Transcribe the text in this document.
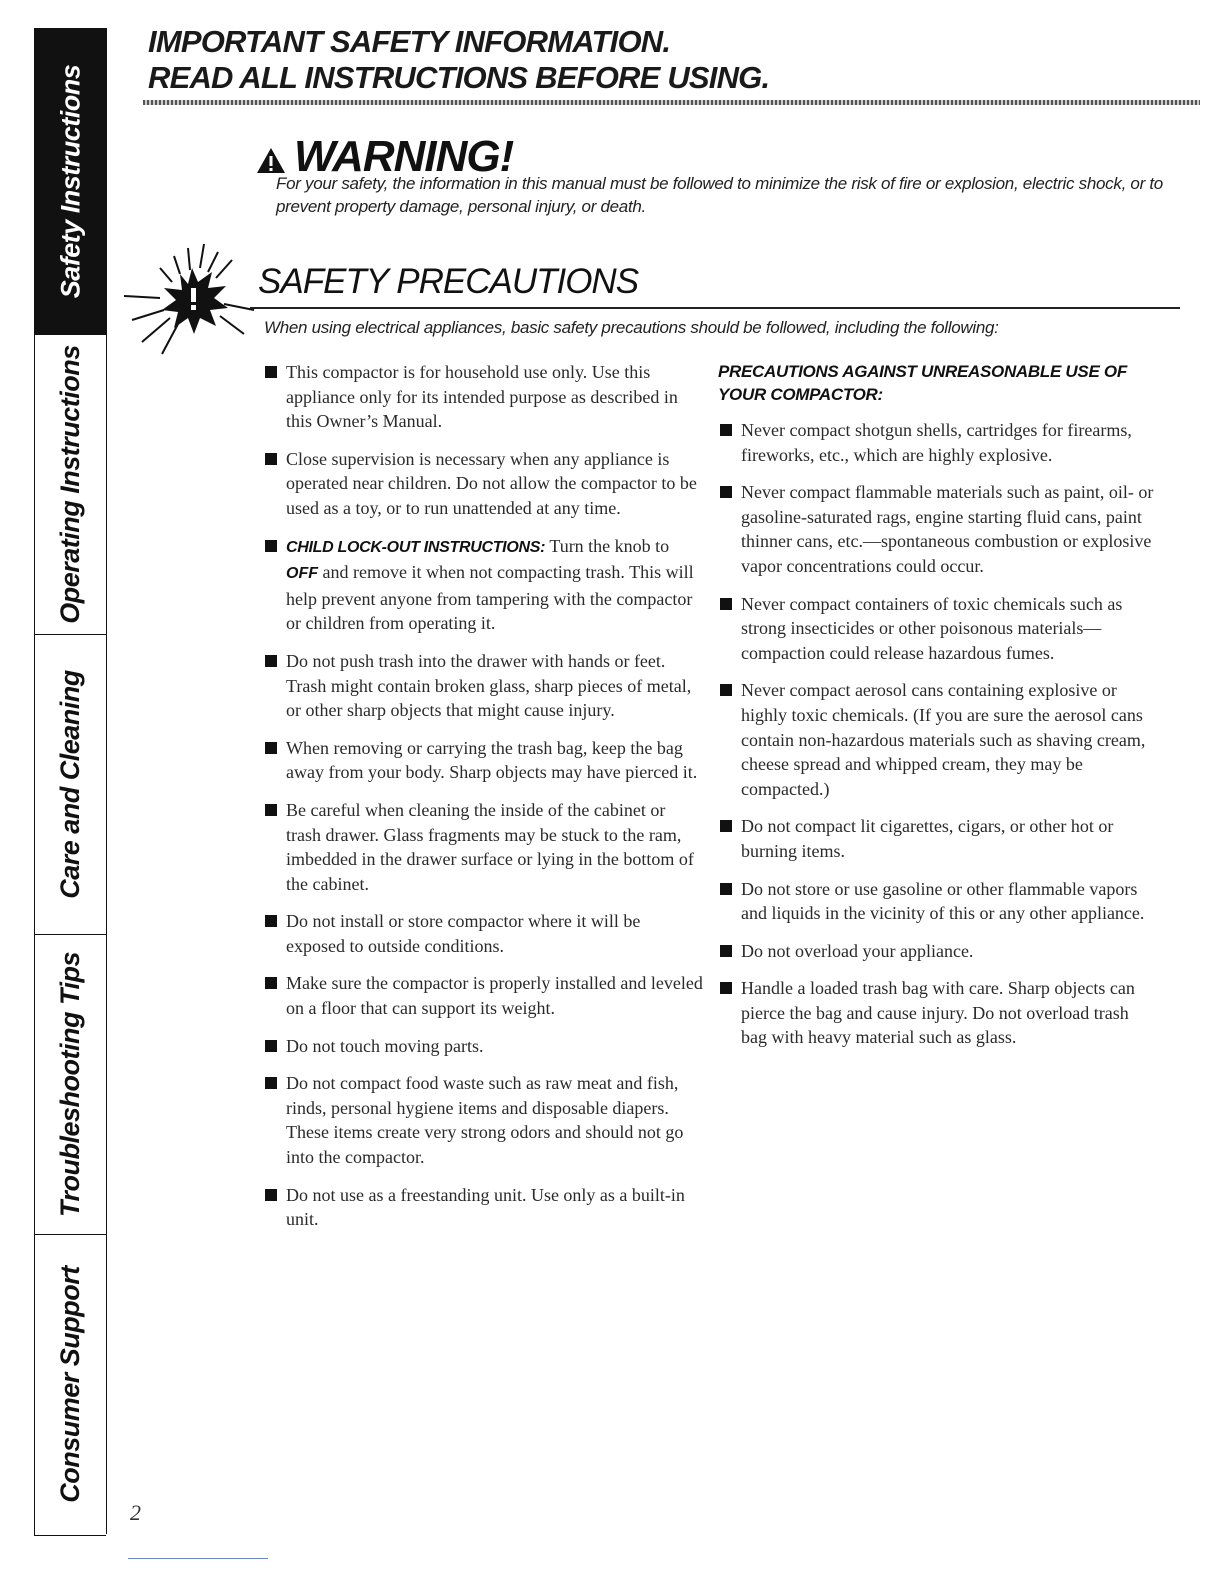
Safety Instructions
Operating Instructions
Care and Cleaning
Troubleshooting Tips
Consumer Support
IMPORTANT SAFETY INFORMATION.
READ ALL INSTRUCTIONS BEFORE USING.
WARNING!

For your safety, the information in this manual must be followed to minimize the risk of fire or explosion, electric shock, or to prevent property damage, personal injury, or death.

SAFETY PRECAUTIONS

When using electrical appliances, basic safety precautions should be followed, including the following:

This compactor is for household use only. Use this appliance only for its intended purpose as described in this Owner’s Manual.

Close supervision is necessary when any appliance is operated near children. Do not allow the compactor to be used as a toy, or to run unattended at any time.

CHILD LOCK-OUT INSTRUCTIONS: Turn the knob to OFF and remove it when not compacting trash. This will help prevent anyone from tampering with the compactor or children from operating it.

Do not push trash into the drawer with hands or feet. Trash might contain broken glass, sharp pieces of metal, or other sharp objects that might cause injury.

When removing or carrying the trash bag, keep the bag away from your body. Sharp objects may have pierced it.

Be careful when cleaning the inside of the cabinet or trash drawer. Glass fragments may be stuck to the ram, imbedded in the drawer surface or lying in the bottom of the cabinet.

Do not install or store compactor where it will be exposed to outside conditions.

Make sure the compactor is properly installed and leveled on a floor that can support its weight.

Do not touch moving parts.

Do not compact food waste such as raw meat and fish, rinds, personal hygiene items and disposable diapers. These items create very strong odors and should not go into the compactor.

Do not use as a freestanding unit. Use only as a built-in unit.

PRECAUTIONS AGAINST UNREASONABLE USE OF YOUR COMPACTOR:

Never compact shotgun shells, cartridges for firearms, fireworks, etc., which are highly explosive.

Never compact flammable materials such as paint, oil- or gasoline-saturated rags, engine starting fluid cans, paint thinner cans, etc.—spontaneous combustion or explosive vapor concentrations could occur.

Never compact containers of toxic chemicals such as strong insecticides or other poisonous materials—compaction could release hazardous fumes.

Never compact aerosol cans containing explosive or highly toxic chemicals. (If you are sure the aerosol cans contain non-hazardous materials such as shaving cream, cheese spread and whipped cream, they may be compacted.)

Do not compact lit cigarettes, cigars, or other hot or burning items.

Do not store or use gasoline or other flammable vapors and liquids in the vicinity of this or any other appliance.

Do not overload your appliance.

Handle a loaded trash bag with care. Sharp objects can pierce the bag and cause injury. Do not overload trash bag with heavy material such as glass.

2
